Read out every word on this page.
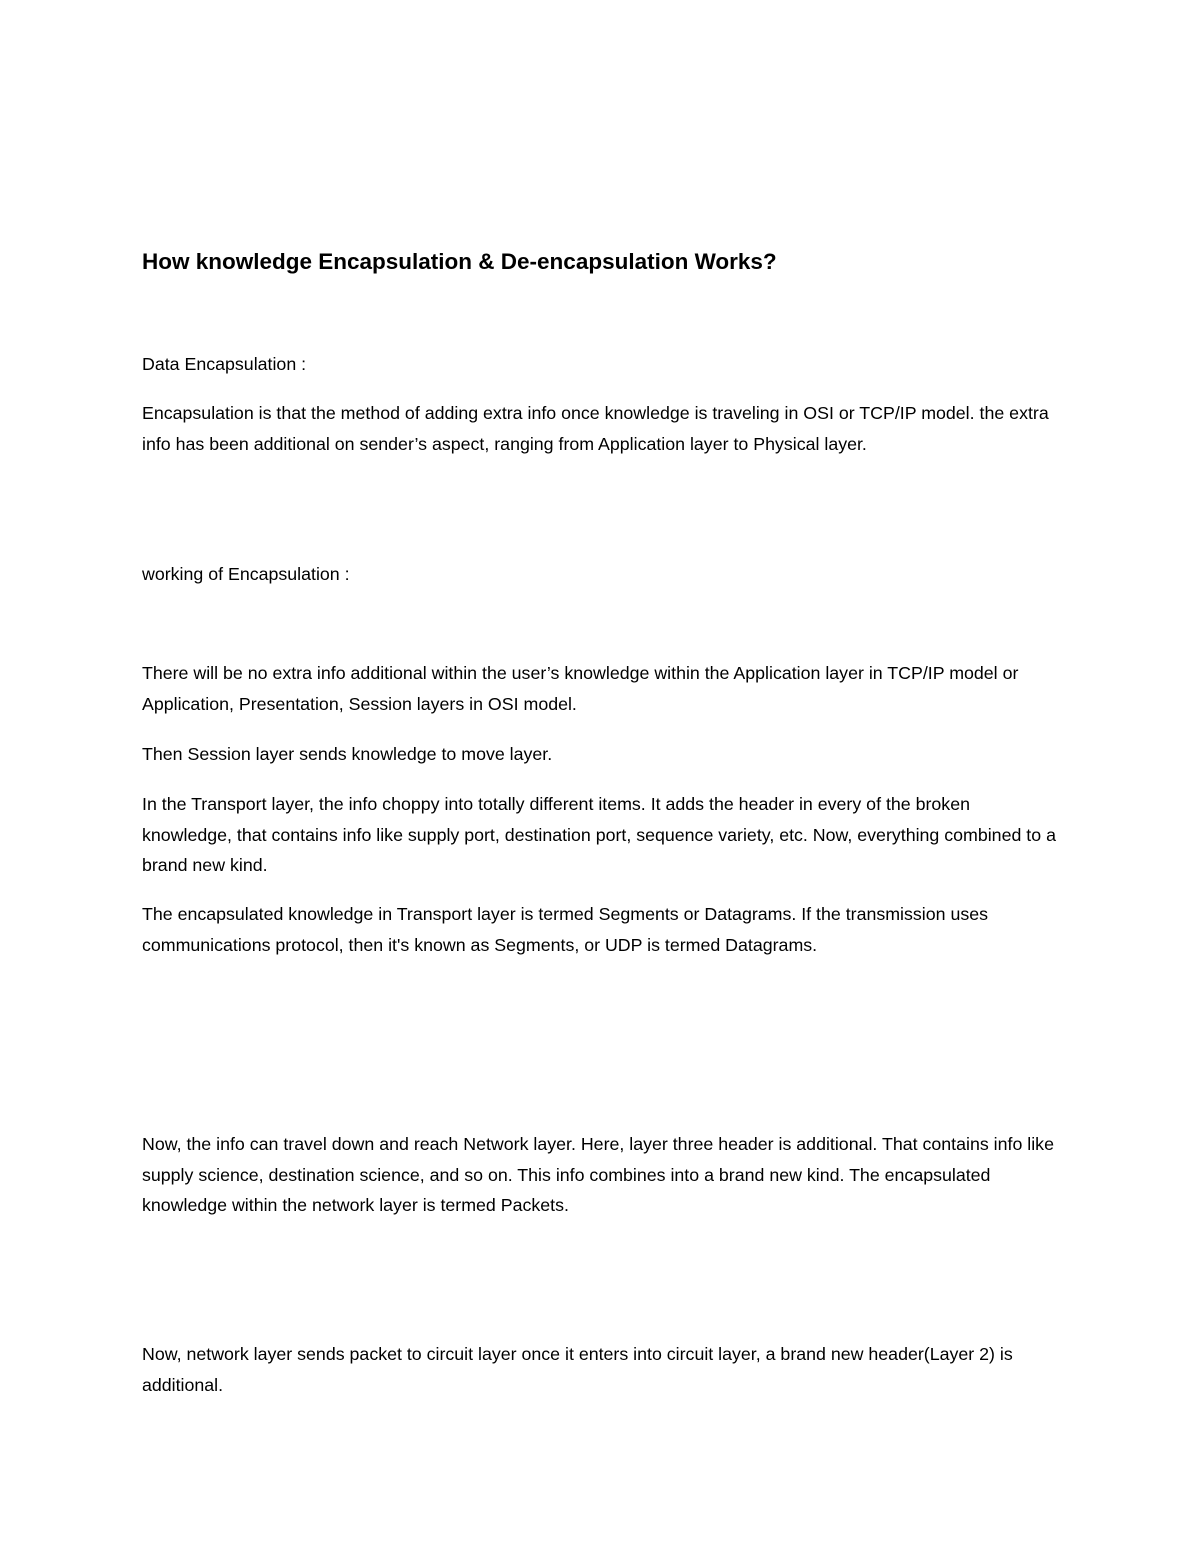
How knowledge Encapsulation & De-encapsulation Works?

Data Encapsulation :

Encapsulation is that the method of adding extra info once knowledge is traveling in OSI or TCP/IP model. the extra info has been additional on sender’s aspect, ranging from Application layer to Physical layer.

working of Encapsulation :

There will be no extra info additional within the user’s knowledge within the Application layer in TCP/IP model or Application, Presentation, Session layers in OSI model.

Then Session layer sends knowledge to move layer.

In the Transport layer, the info choppy into totally different items. It adds the header in every of the broken knowledge, that contains info like supply port, destination port, sequence variety, etc. Now, everything combined to a brand new kind.

The encapsulated knowledge in Transport layer is termed Segments or Datagrams. If the transmission uses communications protocol, then it's known as Segments, or UDP is termed Datagrams.

Now, the info can travel down and reach Network layer. Here, layer three header is additional. That contains info like supply science, destination science, and so on. This info combines into a brand new kind. The encapsulated knowledge within the network layer is termed Packets.

Now, network layer sends packet to circuit layer once it enters into circuit layer, a brand new header(Layer 2) is additional.
